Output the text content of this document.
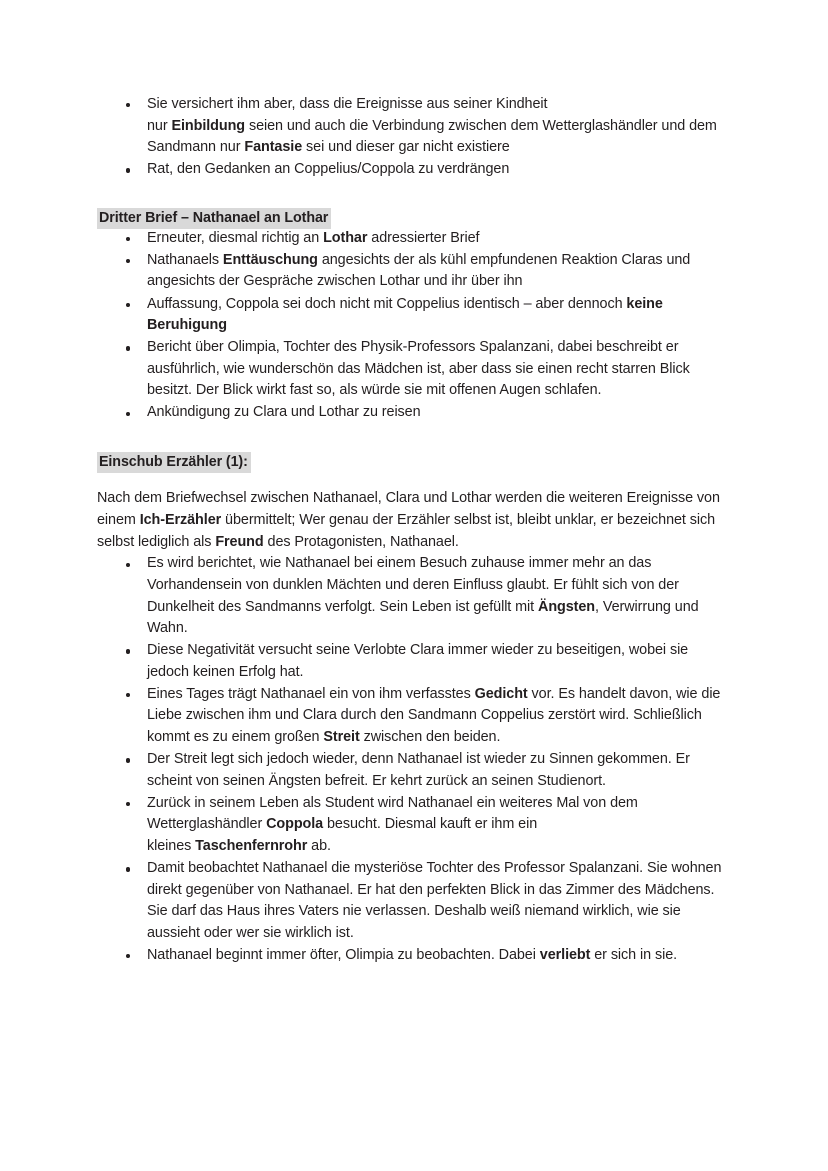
Sie versichert ihm aber, dass die Ereignisse aus seiner Kindheit
nur Einbildung seien und auch die Verbindung zwischen dem Wetterglashändler und dem Sandmann nur Fantasie sei und dieser gar nicht existiere
Rat, den Gedanken an Coppelius/Coppola zu verdrängen
Dritter Brief – Nathanael an Lothar
Erneuter, diesmal richtig an Lothar adressierter Brief
Nathanaels Enttäuschung angesichts der als kühl empfundenen Reaktion Claras und angesichts der Gespräche zwischen Lothar und ihr über ihn
Auffassung, Coppola sei doch nicht mit Coppelius identisch – aber dennoch keine Beruhigung
Bericht über Olimpia, Tochter des Physik-Professors Spalanzani, dabei beschreibt er ausführlich, wie wunderschön das Mädchen ist, aber dass sie einen recht starren Blick besitzt. Der Blick wirkt fast so, als würde sie mit offenen Augen schlafen.
Ankündigung zu Clara und Lothar zu reisen
Einschub Erzähler (1):

Nach dem Briefwechsel zwischen Nathanael, Clara und Lothar werden die weiteren Ereignisse von einem Ich-Erzähler übermittelt; Wer genau der Erzähler selbst ist, bleibt unklar, er bezeichnet sich selbst lediglich als Freund des Protagonisten, Nathanael.

Es wird berichtet, wie Nathanael bei einem Besuch zuhause immer mehr an das Vorhandensein von dunklen Mächten und deren Einfluss glaubt. Er fühlt sich von der Dunkelheit des Sandmanns verfolgt. Sein Leben ist gefüllt mit Ängsten, Verwirrung und Wahn.
Diese Negativität versucht seine Verlobte Clara immer wieder zu beseitigen, wobei sie jedoch keinen Erfolg hat.
Eines Tages trägt Nathanael ein von ihm verfasstes Gedicht vor. Es handelt davon, wie die Liebe zwischen ihm und Clara durch den Sandmann Coppelius zerstört wird. Schließlich kommt es zu einem großen Streit zwischen den beiden.
Der Streit legt sich jedoch wieder, denn Nathanael ist wieder zu Sinnen gekommen. Er scheint von seinen Ängsten befreit. Er kehrt zurück an seinen Studienort.
Zurück in seinem Leben als Student wird Nathanael ein weiteres Mal von dem Wetterglashändler Coppola besucht. Diesmal kauft er ihm ein
kleines Taschenfernrohr ab.
Damit beobachtet Nathanael die mysteriöse Tochter des Professor Spalanzani. Sie wohnen direkt gegenüber von Nathanael. Er hat den perfekten Blick in das Zimmer des Mädchens. Sie darf das Haus ihres Vaters nie verlassen. Deshalb weiß niemand wirklich, wie sie aussieht oder wer sie wirklich ist.
Nathanael beginnt immer öfter, Olimpia zu beobachten. Dabei verliebt er sich in sie.
